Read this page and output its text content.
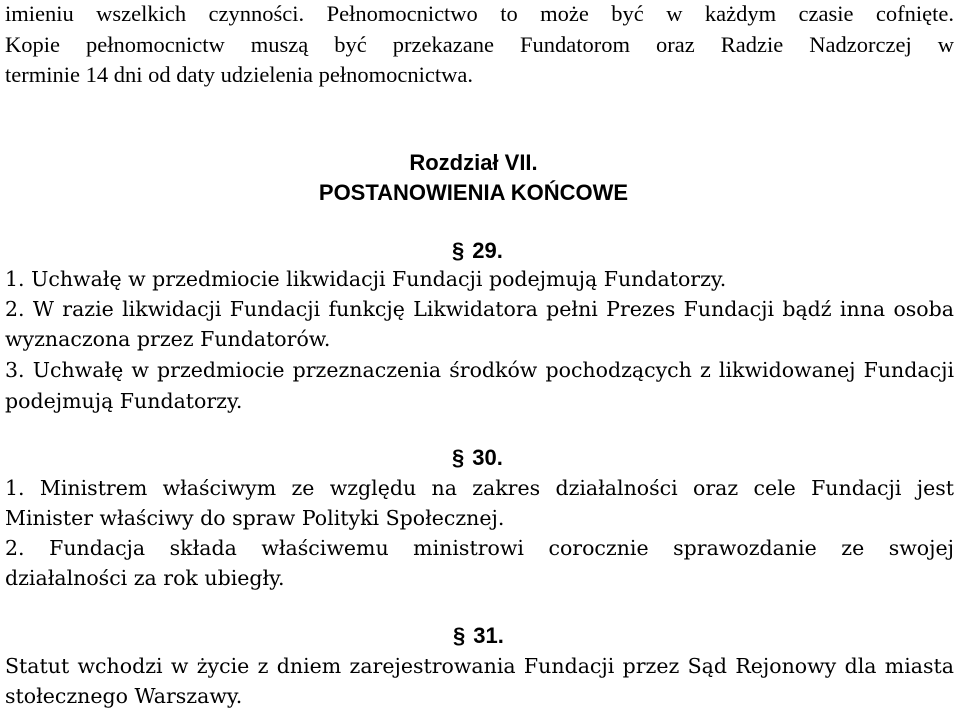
imieniu wszelkich czynności. Pełnomocnictwo to może być w każdym czasie cofnięte.
Kopie pełnomocnictw muszą być przekazane Fundatorom oraz Radzie Nadzorczej w
terminie 14 dni od daty udzielenia pełnomocnictwa.
Rozdział VII.
POSTANOWIENIA KOŃCOWE
§ 29.
1. Uchwałę w przedmiocie likwidacji Fundacji podejmują Fundatorzy.
2. W razie likwidacji Fundacji funkcję Likwidatora pełni Prezes Fundacji bądź inna osoba
wyznaczona przez Fundatorów.
3. Uchwałę w przedmiocie przeznaczenia środków pochodzących z likwidowanej Fundacji
podejmują Fundatorzy.
§ 30.
1. Ministrem właściwym ze względu na zakres działalności oraz cele Fundacji jest
Minister właściwy do spraw Polityki Społecznej.
2. Fundacja składa właściwemu ministrowi corocznie sprawozdanie ze swojej
działalności za rok ubiegły.
§ 31.
Statut wchodzi w życie z dniem zarejestrowania Fundacji przez Sąd Rejonowy dla miasta
stołecznego Warszawy.
